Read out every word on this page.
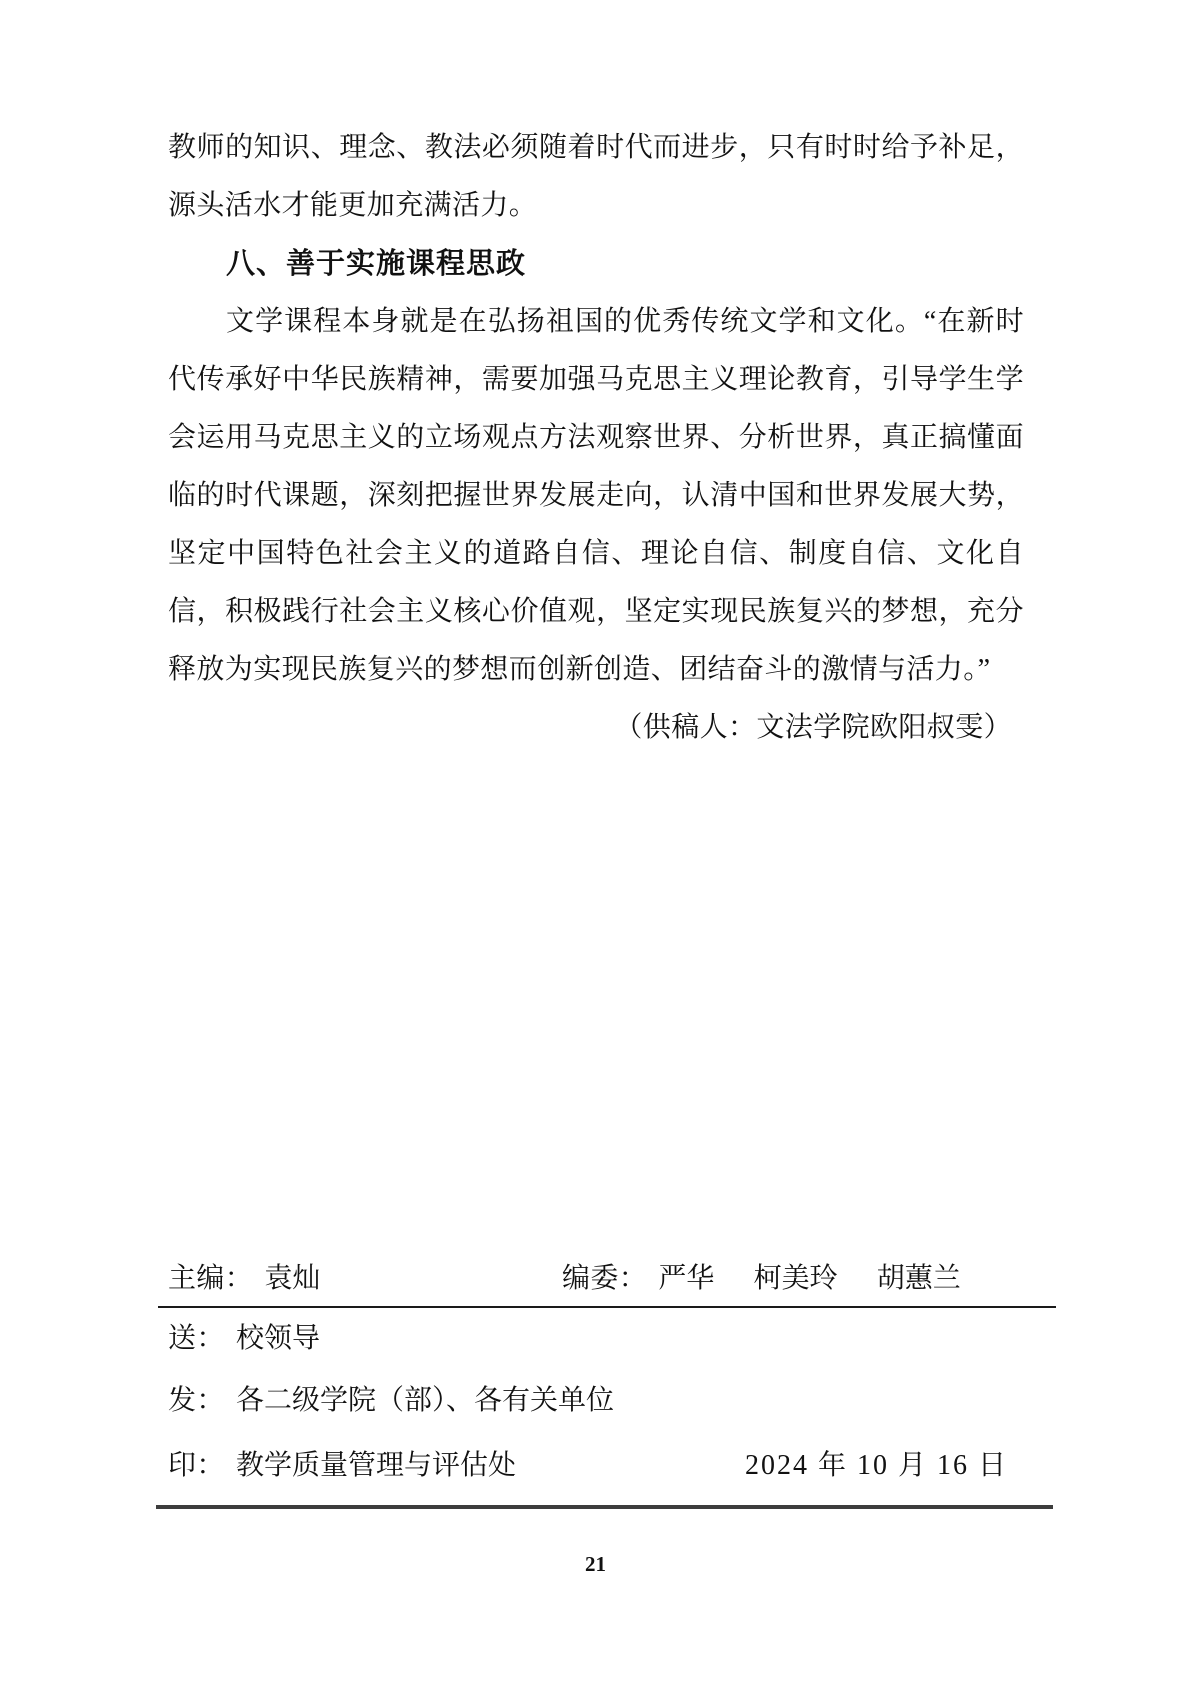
教师的知识、理念、教法必须随着时代而进步，只有时时给予补足，源头活水才能更加充满活力。

八、善于实施课程思政

文学课程本身就是在弘扬祖国的优秀传统文学和文化。“在新时代传承好中华民族精神，需要加强马克思主义理论教育，引导学生学会运用马克思主义的立场观点方法观察世界、分析世界，真正搞懂面临的时代课题，深刻把握世界发展走向，认清中国和世界发展大势，坚定中国特色社会主义的道路自信、理论自信、制度自信、文化自信，积极践行社会主义核心价值观，坚定实现民族复兴的梦想，充分释放为实现民族复兴的梦想而创新创造、团结奋斗的激情与活力。”

（供稿人：文法学院欧阳叔雯）

主编： 袁灿	编委： 严华 柯美玲 胡蕙兰
送： 校领导
发： 各二级学院（部）、各有关单位
印： 教学质量管理与评估处	2024 年 10 月 16 日
21
